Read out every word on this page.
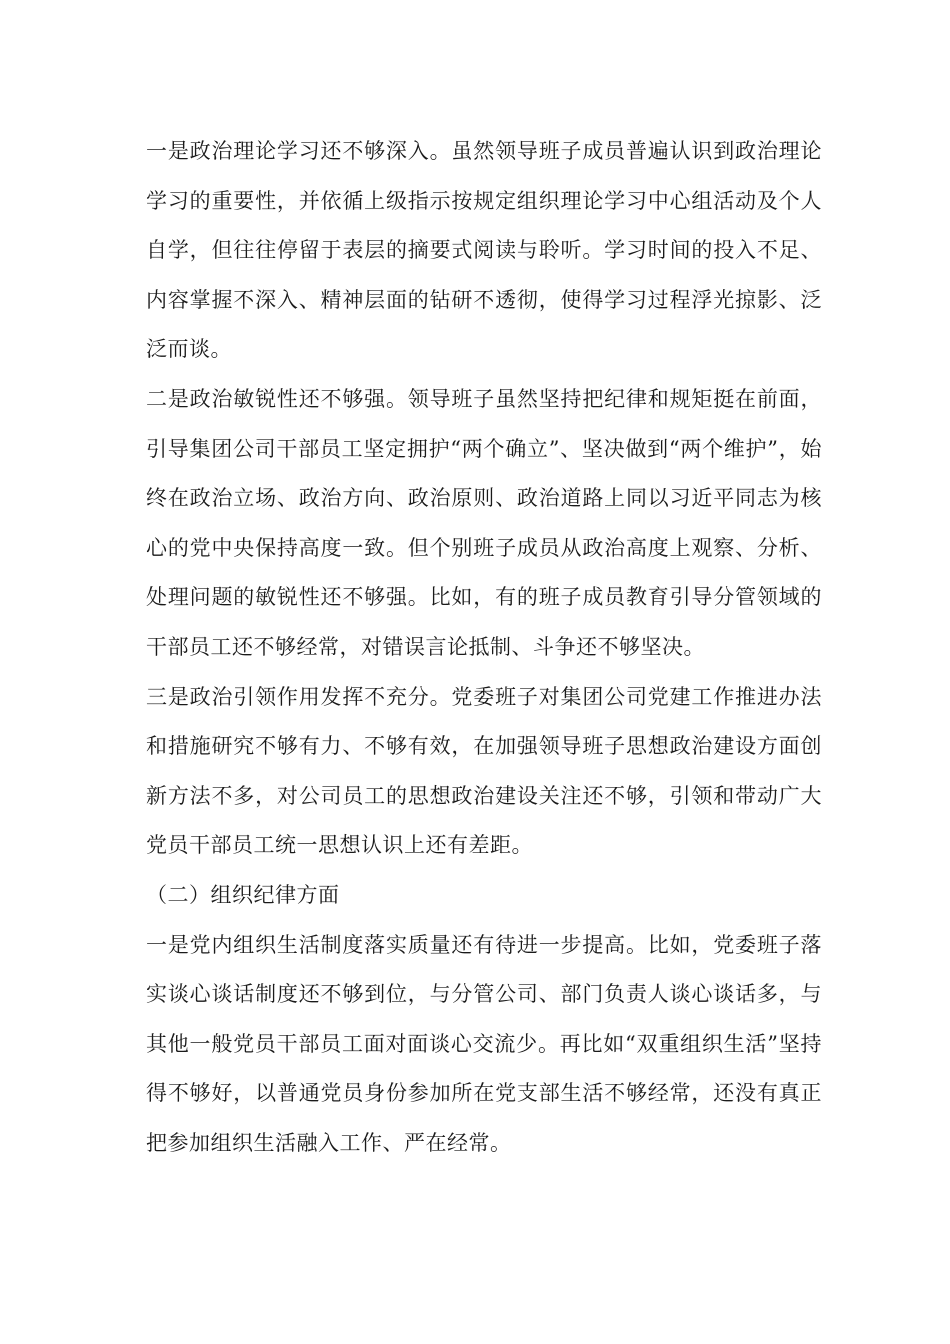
一是政治理论学习还不够深入。虽然领导班子成员普遍认识到政治理论学习的重要性，并依循上级指示按规定组织理论学习中心组活动及个人自学，但往往停留于表层的摘要式阅读与聆听。学习时间的投入不足、内容掌握不深入、精神层面的钻研不透彻，使得学习过程浮光掠影、泛泛而谈。

二是政治敏锐性还不够强。领导班子虽然坚持把纪律和规矩挺在前面，引导集团公司干部员工坚定拥护“两个确立”、坚决做到“两个维护”，始终在政治立场、政治方向、政治原则、政治道路上同以习近平同志为核心的党中央保持高度一致。但个别班子成员从政治高度上观察、分析、处理问题的敏锐性还不够强。比如，有的班子成员教育引导分管领域的干部员工还不够经常，对错误言论抵制、斗争还不够坚决。

三是政治引领作用发挥不充分。党委班子对集团公司党建工作推进办法和措施研究不够有力、不够有效，在加强领导班子思想政治建设方面创新方法不多，对公司员工的思想政治建设关注还不够，引领和带动广大党员干部员工统一思想认识上还有差距。

（二）组织纪律方面

一是党内组织生活制度落实质量还有待进一步提高。比如，党委班子落实谈心谈话制度还不够到位，与分管公司、部门负责人谈心谈话多，与其他一般党员干部员工面对面谈心交流少。再比如“双重组织生活”坚持得不够好，以普通党员身份参加所在党支部生活不够经常，还没有真正把参加组织生活融入工作、严在经常。
